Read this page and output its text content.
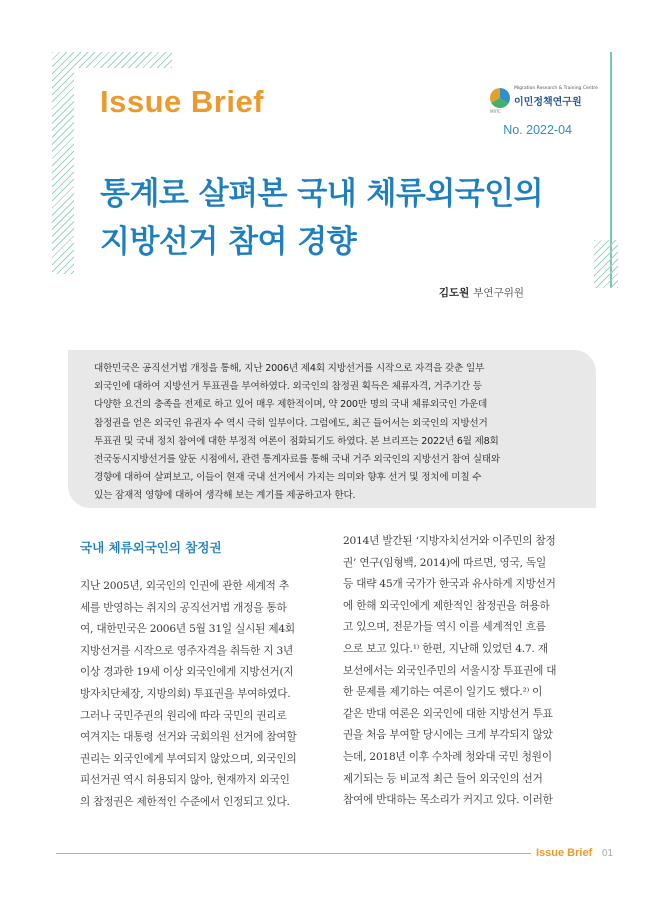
Issue Brief	Migration Research & Training Centre
이민정책연구원
MRTC
No. 2022-04
통계로 살펴본 국내 체류외국인의
지방선거 참여 경향
김도원 부연구위원
대한민국은 공직선거법 개정을 통해, 지난 2006년 제4회 지방선거를 시작으로 자격을 갖춘 일부
외국인에 대하여 지방선거 투표권을 부여하였다. 외국인의 참정권 획득은 체류자격, 거주기간 등
다양한 요건의 충족을 전제로 하고 있어 매우 제한적이며, 약 200만 명의 국내 체류외국인 가운데
참정권을 얻은 외국인 유권자 수 역시 극히 일부이다. 그럼에도, 최근 들어서는 외국인의 지방선거
투표권 및 국내 정치 참여에 대한 부정적 여론이 점화되기도 하였다. 본 브리프는 2022년 6월 제8회
전국동시지방선거를 앞둔 시점에서, 관련 통계자료를 통해 국내 거주 외국인의 지방선거 참여 실태와
경향에 대하여 살펴보고, 이들이 현재 국내 선거에서 가지는 의미와 향후 선거 및 정치에 미칠 수
있는 잠재적 영향에 대하여 생각해 보는 계기를 제공하고자 한다.
국내 체류외국인의 참정권
지난 2005년, 외국인의 인권에 관한 세계적 추
세를 반영하는 취지의 공직선거법 개정을 통하
여, 대한민국은 2006년 5월 31일 실시된 제4회
지방선거를 시작으로 영주자격을 취득한 지 3년
이상 경과한 19세 이상 외국인에게 지방선거(지
방자치단체장, 지방의회) 투표권을 부여하였다.
그러나 국민주권의 원리에 따라 국민의 권리로
여겨지는 대통령 선거와 국회의원 선거에 참여할
권리는 외국인에게 부여되지 않았으며, 외국인의
피선거권 역시 허용되지 않아, 현재까지 외국인
의 참정권은 제한적인 수준에서 인정되고 있다.
2014년 발간된 ‘지방자치선거와 이주민의 참정
권’ 연구(임형백, 2014)에 따르면, 영국, 독일
등 대략 45개 국가가 한국과 유사하게 지방선거
에 한해 외국인에게 제한적인 참정권을 허용하
고 있으며, 전문가들 역시 이를 세계적인 흐름
으로 보고 있다.¹⁾ 한편, 지난해 있었던 4.7. 재
보선에서는 외국인주민의 서울시장 투표권에 대
한 문제를 제기하는 여론이 일기도 했다.²⁾ 이
같은 반대 여론은 외국인에 대한 지방선거 투표
권을 처음 부여할 당시에는 크게 부각되지 않았
는데, 2018년 이후 수차례 청와대 국민 청원이
제기되는 등 비교적 최근 들어 외국인의 선거
참여에 반대하는 목소리가 커지고 있다. 이러한
Issue Brief 01
